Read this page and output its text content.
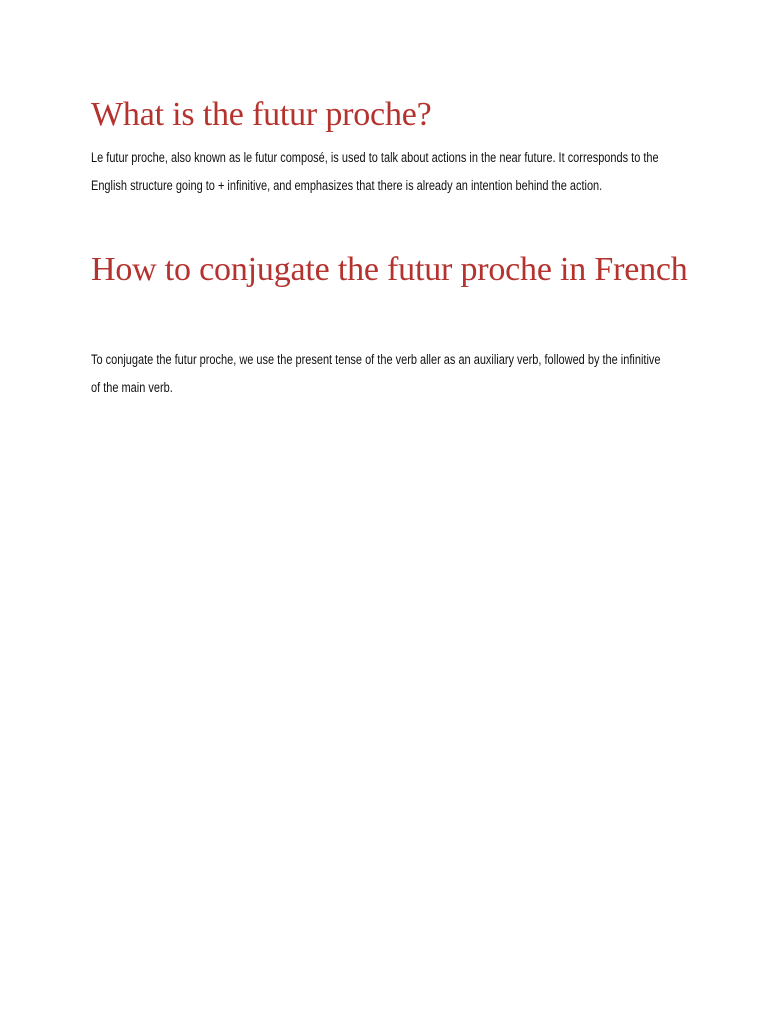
What is the futur proche?

Le futur proche, also known as le futur composé, is used to talk about actions in the near future. It corresponds to the English structure going to + infinitive, and emphasizes that there is already an intention behind the action.

How to conjugate the futur proche in French

To conjugate the futur proche, we use the present tense of the verb aller as an auxiliary verb, followed by the infinitive of the main verb.
